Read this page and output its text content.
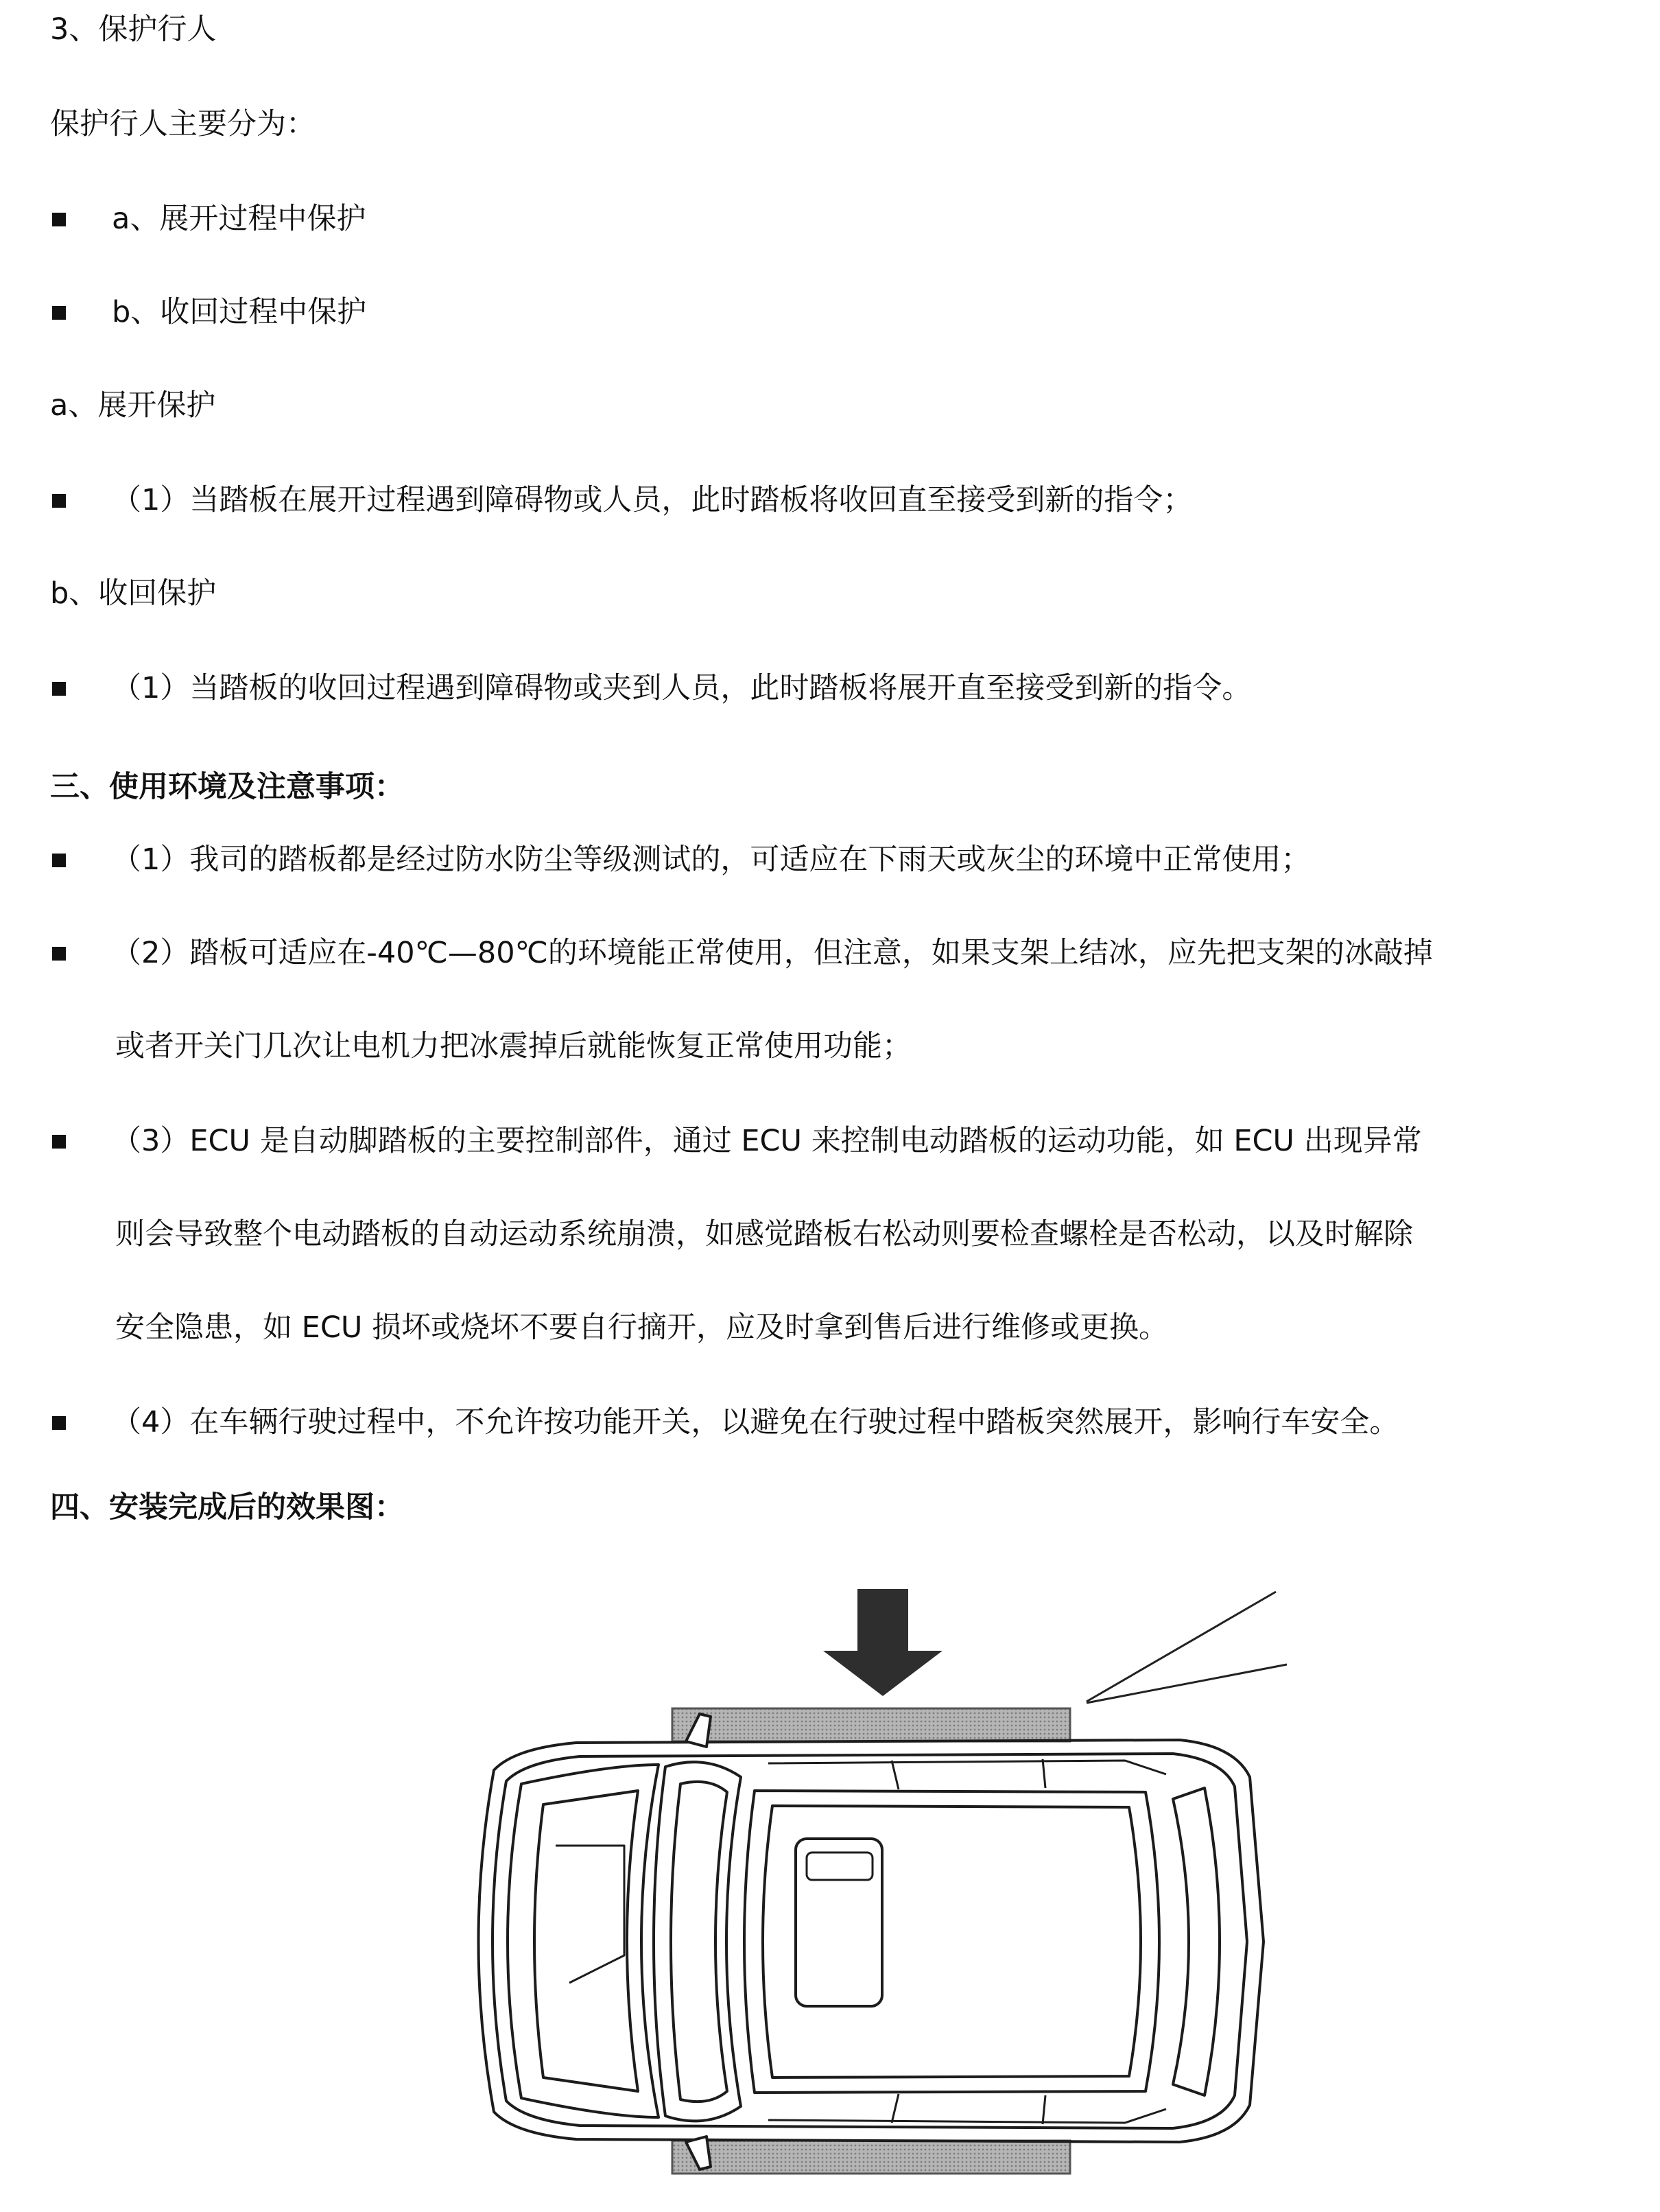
3、保护行人
保护行人主要分为：
a、展开过程中保护
b、收回过程中保护
a、展开保护
（1）当踏板在展开过程遇到障碍物或人员，此时踏板将收回直至接受到新的指令；
b、收回保护
（1）当踏板的收回过程遇到障碍物或夹到人员，此时踏板将展开直至接受到新的指令。
三、使用环境及注意事项：
（1）我司的踏板都是经过防水防尘等级测试的，可适应在下雨天或灰尘的环境中正常使用；
（2）踏板可适应在-40℃—80℃的环境能正常使用，但注意，如果支架上结冰，应先把支架的冰敲掉
或者开关门几次让电机力把冰震掉后就能恢复正常使用功能；
（3）ECU 是自动脚踏板的主要控制部件，通过 ECU 来控制电动踏板的运动功能，如 ECU 出现异常
则会导致整个电动踏板的自动运动系统崩溃，如感觉踏板右松动则要检查螺栓是否松动，以及时解除
安全隐患，如 ECU 损坏或烧坏不要自行摘开，应及时拿到售后进行维修或更换。
（4）在车辆行驶过程中，不允许按功能开关，以避免在行驶过程中踏板突然展开，影响行车安全。
四、安装完成后的效果图：
